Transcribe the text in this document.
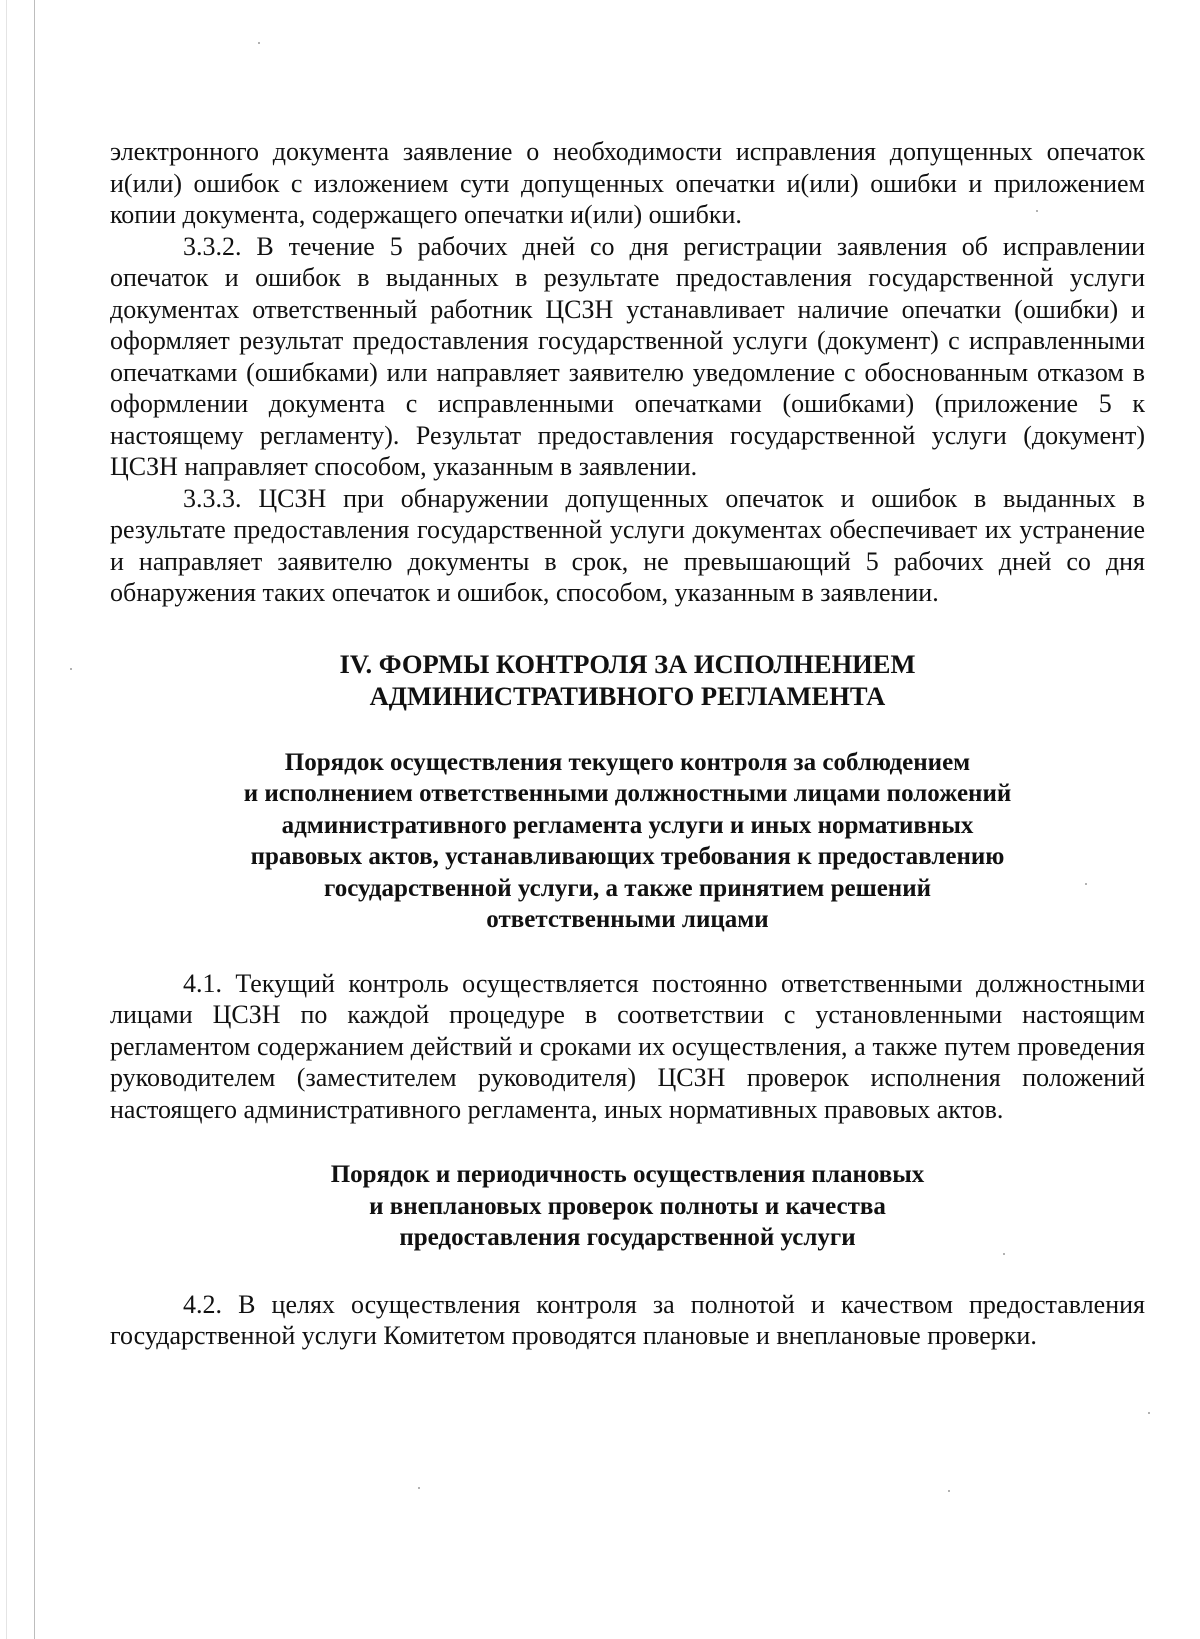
электронного документа заявление о необходимости исправления допущенных опечаток и(или) ошибок с изложением сути допущенных опечатки и(или) ошибки и приложением копии документа, содержащего опечатки и(или) ошибки.

3.3.2. В течение 5 рабочих дней со дня регистрации заявления об исправлении опечаток и ошибок в выданных в результате предоставления государственной услуги документах ответственный работник ЦСЗН устанавливает наличие опечатки (ошибки) и оформляет результат предоставления государственной услуги (документ) с исправленными опечатками (ошибками) или направляет заявителю уведомление с обоснованным отказом в оформлении документа с исправленными опечатками (ошибками) (приложение 5 к настоящему регламенту). Результат предоставления государственной услуги (документ) ЦСЗН направляет способом, указанным в заявлении.

3.3.3. ЦСЗН при обнаружении допущенных опечаток и ошибок в выданных в результате предоставления государственной услуги документах обеспечивает их устранение и направляет заявителю документы в срок, не превышающий 5 рабочих дней со дня обнаружения таких опечаток и ошибок, способом, указанным в заявлении.

IV. ФОРМЫ КОНТРОЛЯ ЗА ИСПОЛНЕНИЕМ
АДМИНИСТРАТИВНОГО РЕГЛАМЕНТА
Порядок осуществления текущего контроля за соблюдением
и исполнением ответственными должностными лицами положений
административного регламента услуги и иных нормативных
правовых актов, устанавливающих требования к предоставлению
государственной услуги, а также принятием решений
ответственными лицами

4.1. Текущий контроль осуществляется постоянно ответственными должностными лицами ЦСЗН по каждой процедуре в соответствии с установленными настоящим регламентом содержанием действий и сроками их осуществления, а также путем проведения руководителем (заместителем руководителя) ЦСЗН проверок исполнения положений настоящего административного регламента, иных нормативных правовых актов.

Порядок и периодичность осуществления плановых
и внеплановых проверок полноты и качества
предоставления государственной услуги

4.2. В целях осуществления контроля за полнотой и качеством предоставления государственной услуги Комитетом проводятся плановые и внеплановые проверки.
